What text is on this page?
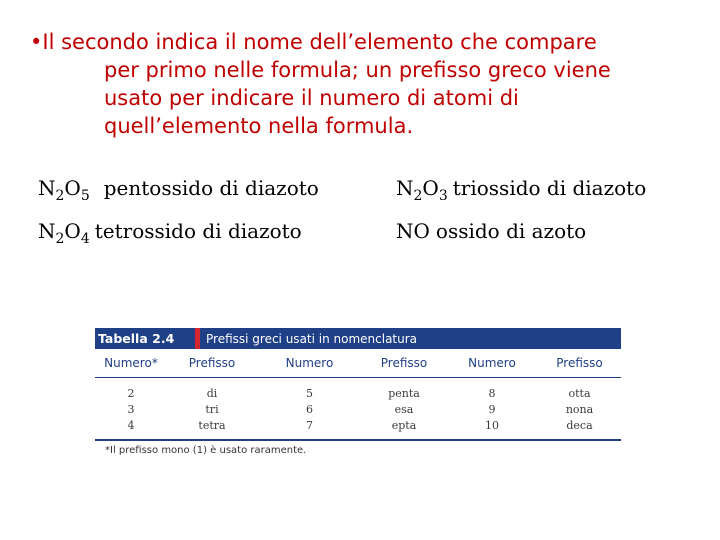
•Il secondo indica il nome dell’elemento che compare
per primo nelle formula; un prefisso greco viene
usato per indicare il numero di atomi di
quell’elemento nella formula.
$N_2O_5$ pentossido di diazoto	$N_2O_3$ triossido di diazoto
$N_2O_4$ tetrossido di diazoto	NO ossido di azoto
Tabella 2.4	Prefissi greci usati in nomenclatura
Numero*	Prefisso	Numero	Prefisso	Numero	Prefisso
2	di	5	penta	8	otta
3	tri	6	esa	9	nona
4	tetra	7	epta	10	deca
*Il prefisso mono (1) è usato raramente.
